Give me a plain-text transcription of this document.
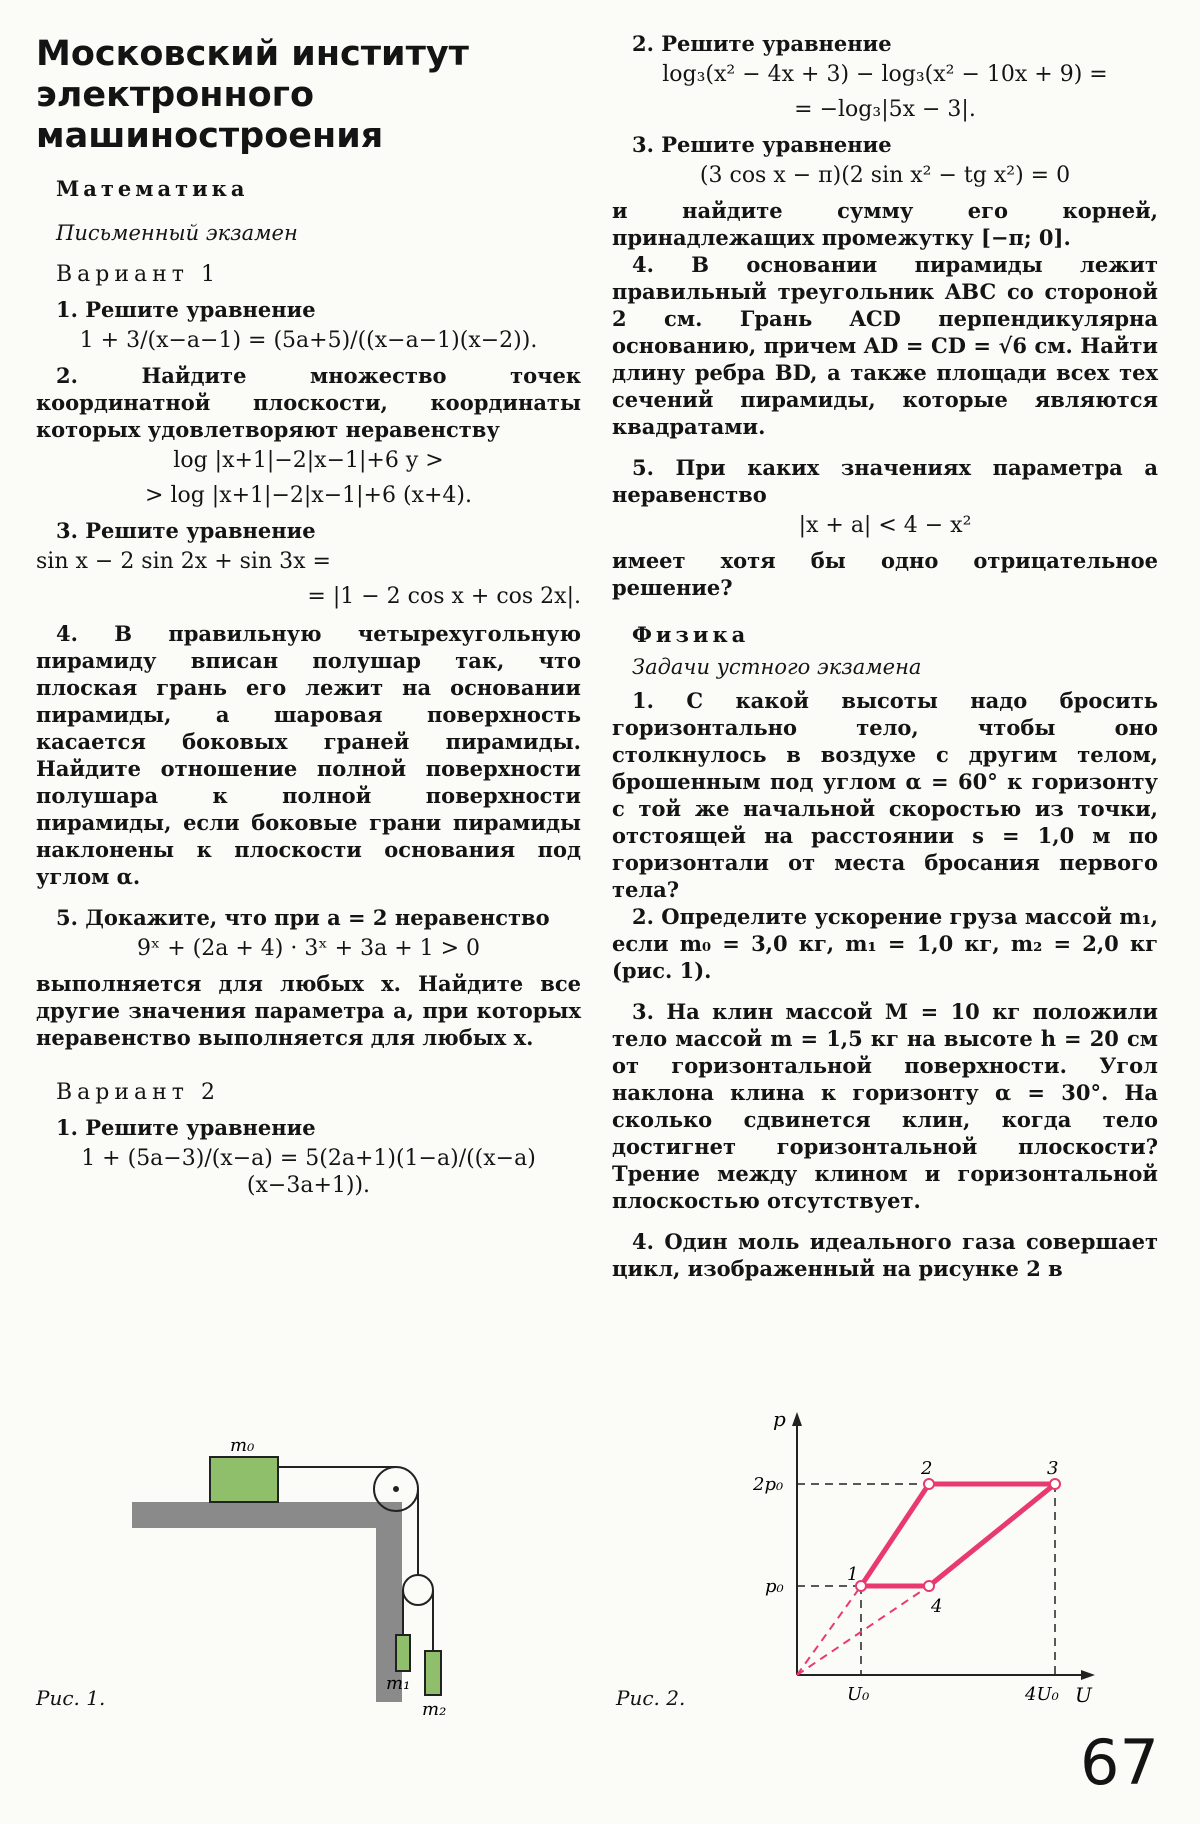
Московский институт электронного машиностроения
Математика
Письменный экзамен
Вариант 1

1. Решите уравнение

1 + 3/(x−a−1) = (5a+5)/((x−a−1)(x−2)).

2. Найдите множество точек координатной плоскости, координаты которых удовлетворяют неравенству

log |x+1|−2|x−1|+6 y >
> log |x+1|−2|x−1|+6 (x+4).

3. Решите уравнение

sin x − 2 sin 2x + sin 3x =
= |1 − 2 cos x + cos 2x|.

4. В правильную четырехугольную пирамиду вписан полушар так, что плоская грань его лежит на основании пирамиды, а шаровая поверхность касается боковых граней пирамиды. Найдите отношение полной поверхности полушара к полной поверхности пирамиды, если боковые грани пирамиды наклонены к плоскости основания под углом α.

5. Докажите, что при a = 2 неравенство

9ˣ + (2a + 4) · 3ˣ + 3a + 1 > 0

выполняется для любых x. Найдите все другие значения параметра a, при которых неравенство выполняется для любых x.

Вариант 2

1. Решите уравнение

1 + (5a−3)/(x−a) = 5(2a+1)(1−a)/((x−a)(x−3a+1)).

2. Решите уравнение

log₃(x² − 4x + 3) − log₃(x² − 10x + 9) =
= −log₃|5x − 3|.

3. Решите уравнение

(3 cos x − π)(2 sin x² − tg x²) = 0

и найдите сумму его корней, принадлежащих промежутку [−π; 0].

4. В основании пирамиды лежит правильный треугольник ABC со стороной 2 см. Грань ACD перпендикулярна основанию, причем AD = CD = √6 см. Найти длину ребра BD, а также площади всех тех сечений пирамиды, которые являются квадратами.

5. При каких значениях параметра a неравенство

|x + a| < 4 − x²

имеет хотя бы одно отрицательное решение?

Физика
Задачи устного экзамена

1. С какой высоты надо бросить горизонтально тело, чтобы оно столкнулось в воздухе с другим телом, брошенным под углом α = 60° к горизонту с той же начальной скоростью из точки, отстоящей на расстоянии s = 1,0 м по горизонтали от места бросания первого тела?

2. Определите ускорение груза массой m₁, если m₀ = 3,0 кг, m₁ = 1,0 кг, m₂ = 2,0 кг (рис. 1).

3. На клин массой M = 10 кг положили тело массой m = 1,5 кг на высоте h = 20 см от горизонтальной поверхности. Угол наклона клина к горизонту α = 30°. На сколько сдвинется клин, когда тело достигнет горизонтальной плоскости? Трение между клином и горизонтальной плоскостью отсутствует.

4. Один моль идеального газа совершает цикл, изображенный на рисунке 2 в

m₀
m₁
m₂
Рис. 1.
p
U
1
2	3
4
2p₀
p₀
U₀	4U₀
Рис. 2.
67
